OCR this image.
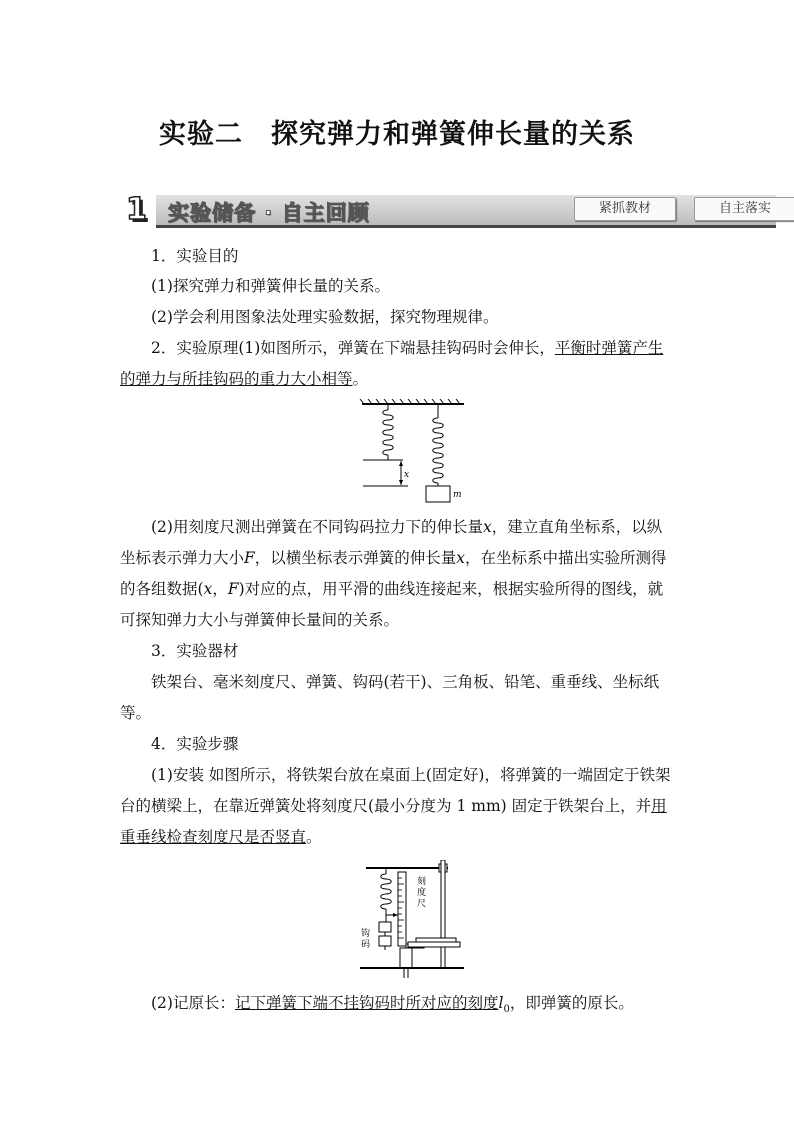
实验二 探究弹力和弹簧伸长量的关系
实验储备 · 自主回顾	紧抓教材	自主落实
1
1．实验目的
(1)探究弹力和弹簧伸长量的关系。
(2)学会利用图象法处理实验数据，探究物理规律。
2．实验原理(1)如图所示，弹簧在下端悬挂钩码时会伸长，平衡时弹簧产生的弹力与所挂钩码的重力大小相等。
x
m
(2)用刻度尺测出弹簧在不同钩码拉力下的伸长量x，建立直角坐标系，以纵坐标表示弹力大小F，以横坐标表示弹簧的伸长量x，在坐标系中描出实验所测得的各组数据(x，F)对应的点，用平滑的曲线连接起来，根据实验所得的图线，就可探知弹力大小与弹簧伸长量间的关系。
3．实验器材
铁架台、毫米刻度尺、弹簧、钩码(若干)、三角板、铅笔、重垂线、坐标纸等。
4．实验步骤
(1)安装 如图所示，将铁架台放在桌面上(固定好)，将弹簧的一端固定于铁架台的横梁上，在靠近弹簧处将刻度尺(最小分度为 1 mm) 固定于铁架台上，并用重垂线检查刻度尺是否竖直。
刻度尺
钩码
(2)记原长：记下弹簧下端不挂钩码时所对应的刻度$l_0$，即弹簧的原长。
